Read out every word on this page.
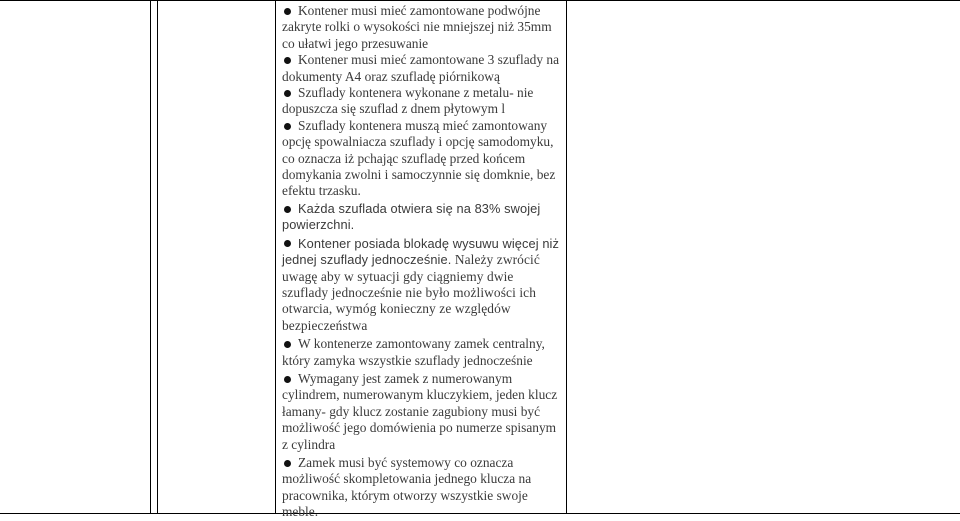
Kontener musi mieć zamontowane podwójne zakryte rolki o wysokości nie mniejszej niż 35mm co ułatwi jego przesuwanie
Kontener musi mieć zamontowane 3 szuflady na dokumenty A4 oraz szufladę piórnikową
Szuflady kontenera wykonane z metalu- nie dopuszcza się szuflad z dnem płytowym l
Szuflady kontenera muszą mieć zamontowany opcję spowalniacza szuflady i opcję samodomyku, co oznacza iż pchając szufladę przed końcem domykania zwolni i samoczynnie się domknie, bez efektu trzasku.
Każda szuflada otwiera się na 83% swojej powierzchni.
Kontener posiada blokadę wysuwu więcej niż jednej szuflady jednocześnie. Należy zwrócić uwagę aby w sytuacji gdy ciągniemy dwie szuflady jednocześnie nie było możliwości ich otwarcia, wymóg konieczny ze względów bezpieczeństwa
W kontenerze zamontowany zamek centralny, który zamyka wszystkie szuflady jednocześnie
Wymagany jest zamek z numerowanym cylindrem, numerowanym kluczykiem, jeden klucz łamany- gdy klucz zostanie zagubiony musi być możliwość jego domówienia po numerze spisanym z cylindra
Zamek musi być systemowy co oznacza możliwość skompletowania jednego klucza na pracownika, którym otworzy wszystkie swoje meble.
